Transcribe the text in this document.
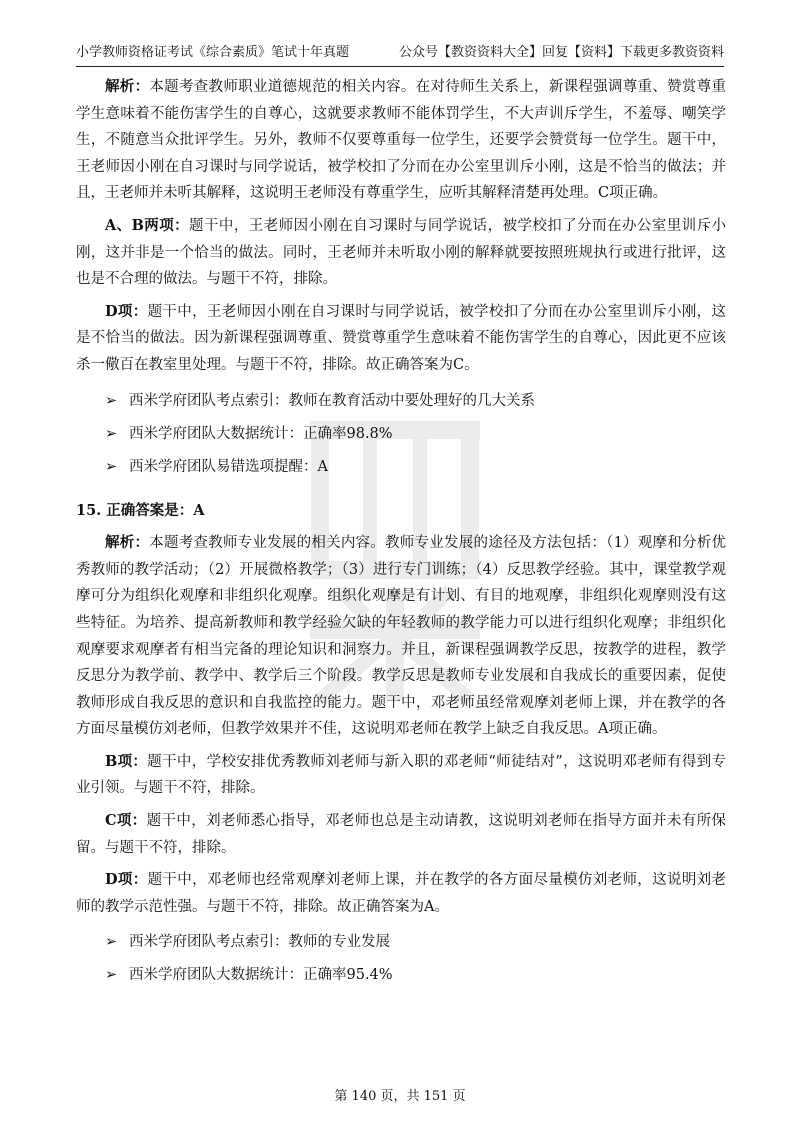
小学教师资格证考试《综合素质》笔试十年真题	公众号【教资资料大全】回复【资料】下载更多教资资料

解析：本题考查教师职业道德规范的相关内容。在对待师生关系上，新课程强调尊重、赞赏尊重学生意味着不能伤害学生的自尊心，这就要求教师不能体罚学生，不大声训斥学生，不羞辱、嘲笑学生，不随意当众批评学生。另外，教师不仅要尊重每一位学生，还要学会赞赏每一位学生。题干中，王老师因小刚在自习课时与同学说话，被学校扣了分而在办公室里训斥小刚，这是不恰当的做法；并且，王老师并未听其解释，这说明王老师没有尊重学生，应听其解释清楚再处理。C项正确。

A、B两项：题干中，王老师因小刚在自习课时与同学说话，被学校扣了分而在办公室里训斥小刚，这并非是一个恰当的做法。同时，王老师并未听取小刚的解释就要按照班规执行或进行批评，这也是不合理的做法。与题干不符，排除。

D项：题干中，王老师因小刚在自习课时与同学说话，被学校扣了分而在办公室里训斥小刚，这是不恰当的做法。因为新课程强调尊重、赞赏尊重学生意味着不能伤害学生的自尊心，因此更不应该杀一儆百在教室里处理。与题干不符，排除。故正确答案为C。

➢ 西米学府团队考点索引：教师在教育活动中要处理好的几大关系
➢ 西米学府团队大数据统计：正确率98.8%
➢ 西米学府团队易错选项提醒：A
15. 正确答案是：A

解析：本题考查教师专业发展的相关内容。教师专业发展的途径及方法包括：（1）观摩和分析优秀教师的教学活动；（2）开展微格教学；（3）进行专门训练；（4）反思教学经验。其中，课堂教学观摩可分为组织化观摩和非组织化观摩。组织化观摩是有计划、有目的地观摩，非组织化观摩则没有这些特征。为培养、提高新教师和教学经验欠缺的年轻教师的教学能力可以进行组织化观摩；非组织化观摩要求观摩者有相当完备的理论知识和洞察力。并且，新课程强调教学反思，按教学的进程，教学反思分为教学前、教学中、教学后三个阶段。教学反思是教师专业发展和自我成长的重要因素，促使教师形成自我反思的意识和自我监控的能力。题干中，邓老师虽经常观摩刘老师上课，并在教学的各方面尽量模仿刘老师，但教学效果并不佳，这说明邓老师在教学上缺乏自我反思。A项正确。

B项：题干中，学校安排优秀教师刘老师与新入职的邓老师“师徒结对”，这说明邓老师有得到专业引领。与题干不符，排除。

C项：题干中，刘老师悉心指导，邓老师也总是主动请教，这说明刘老师在指导方面并未有所保留。与题干不符，排除。

D项：题干中，邓老师也经常观摩刘老师上课，并在教学的各方面尽量模仿刘老师，这说明刘老师的教学示范性强。与题干不符，排除。故正确答案为A。

➢ 西米学府团队考点索引：教师的专业发展
➢ 西米学府团队大数据统计：正确率95.4%
第 140 页，共 151 页
